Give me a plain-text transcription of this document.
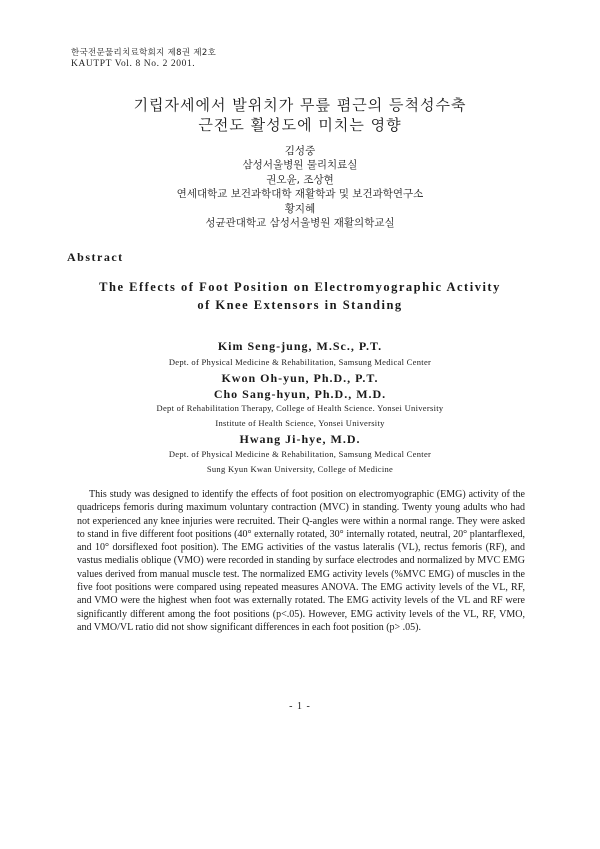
한국전문물리치료학회지 제8권 제2호
KAUTPT Vol. 8 No. 2 2001.
기립자세에서 발위치가 무릎 폄근의 등척성수축
근전도 활성도에 미치는 영향
김성중
삼성서울병원 물리치료실
권오윤, 조상현
연세대학교 보건과학대학 재활학과 및 보건과학연구소
황지혜
성균관대학교 삼성서울병원 재활의학교실
Abstract
The Effects of Foot Position on Electromyographic Activity
of Knee Extensors in Standing
Kim Seng-jung, M.Sc., P.T.
Dept. of Physical Medicine & Rehabilitation, Samsung Medical Center
Kwon Oh-yun, Ph.D., P.T.
Cho Sang-hyun, Ph.D., M.D.
Dept of Rehabilitation Therapy, College of Health Science. Yonsei University
Institute of Health Science, Yonsei University
Hwang Ji-hye, M.D.
Dept. of Physical Medicine & Rehabilitation, Samsung Medical Center
Sung Kyun Kwan University, College of Medicine

This study was designed to identify the effects of foot position on electromyographic (EMG) activity of the quadriceps femoris during maximum voluntary contraction (MVC) in standing. Twenty young adults who had not experienced any knee injuries were recruited. Their Q-angles were within a normal range. They were asked to stand in five different foot positions (40° externally rotated, 30° internally rotated, neutral, 20° plantarflexed, and 10° dorsiflexed foot position). The EMG activities of the vastus lateralis (VL), rectus femoris (RF), and vastus medialis oblique (VMO) were recorded in standing by surface electrodes and normalized by MVC EMG values derived from manual muscle test. The normalized EMG activity levels (%MVC EMG) of muscles in the five foot positions were compared using repeated measures ANOVA. The EMG activity levels of the VL, RF, and VMO were the highest when foot was externally rotated. The EMG activity levels of the VL and RF were significantly different among the foot positions (p<.05). However, EMG activity levels of the VL, RF, VMO, and VMO/VL ratio did not show significant differences in each foot position (p> .05).

- 1 -
